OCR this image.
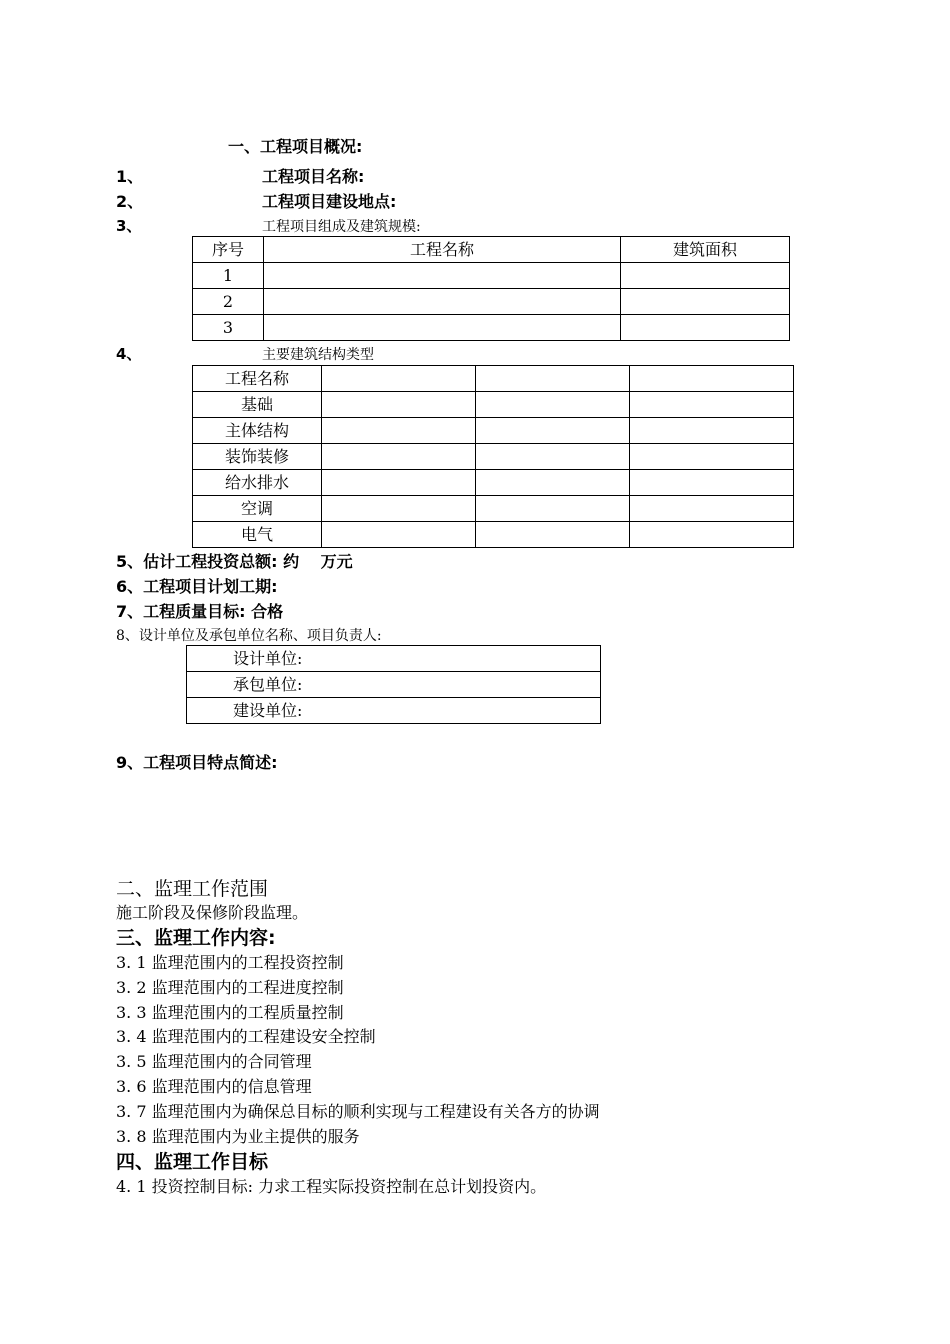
一、工程项目概况:
1、	工程项目名称:
2、	工程项目建设地点:
3、	工程项目组成及建筑规模:
序号	工程名称	建筑面积
1		
2		
3		
4、	主要建筑结构类型
工程名称			
基础			
主体结构			
装饰装修			
给水排水			
空调			
电气			
5、估计工程投资总额: 约　 万元
6、工程项目计划工期:
7、工程质量目标: 合格
8、设计单位及承包单位名称、项目负责人:
设计单位:
承包单位:
建设单位:
9、工程项目特点简述:
二、监理工作范围
施工阶段及保修阶段监理。
三、监理工作内容:
3. 1 监理范围内的工程投资控制
3. 2 监理范围内的工程进度控制
3. 3 监理范围内的工程质量控制
3. 4 监理范围内的工程建设安全控制
3. 5 监理范围内的合同管理
3. 6 监理范围内的信息管理
3. 7 监理范围内为确保总目标的顺利实现与工程建设有关各方的协调
3. 8 监理范围内为业主提供的服务
四、监理工作目标
4. 1 投资控制目标: 力求工程实际投资控制在总计划投资内。
